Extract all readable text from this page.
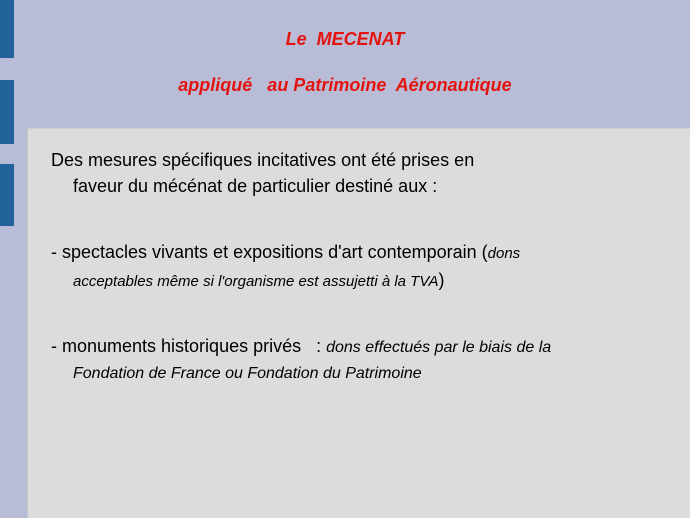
Le  MECENAT
appliqué   au Patrimoine  Aéronautique
Des mesures spécifiques incitatives ont été prises en
faveur du mécénat de particulier destiné aux :
- spectacles vivants et expositions d'art contemporain (dons
acceptables même si l'organisme est assujetti à la TVA)
- monuments historiques privés   : dons effectués par le biais de la
Fondation de France ou Fondation du Patrimoine
